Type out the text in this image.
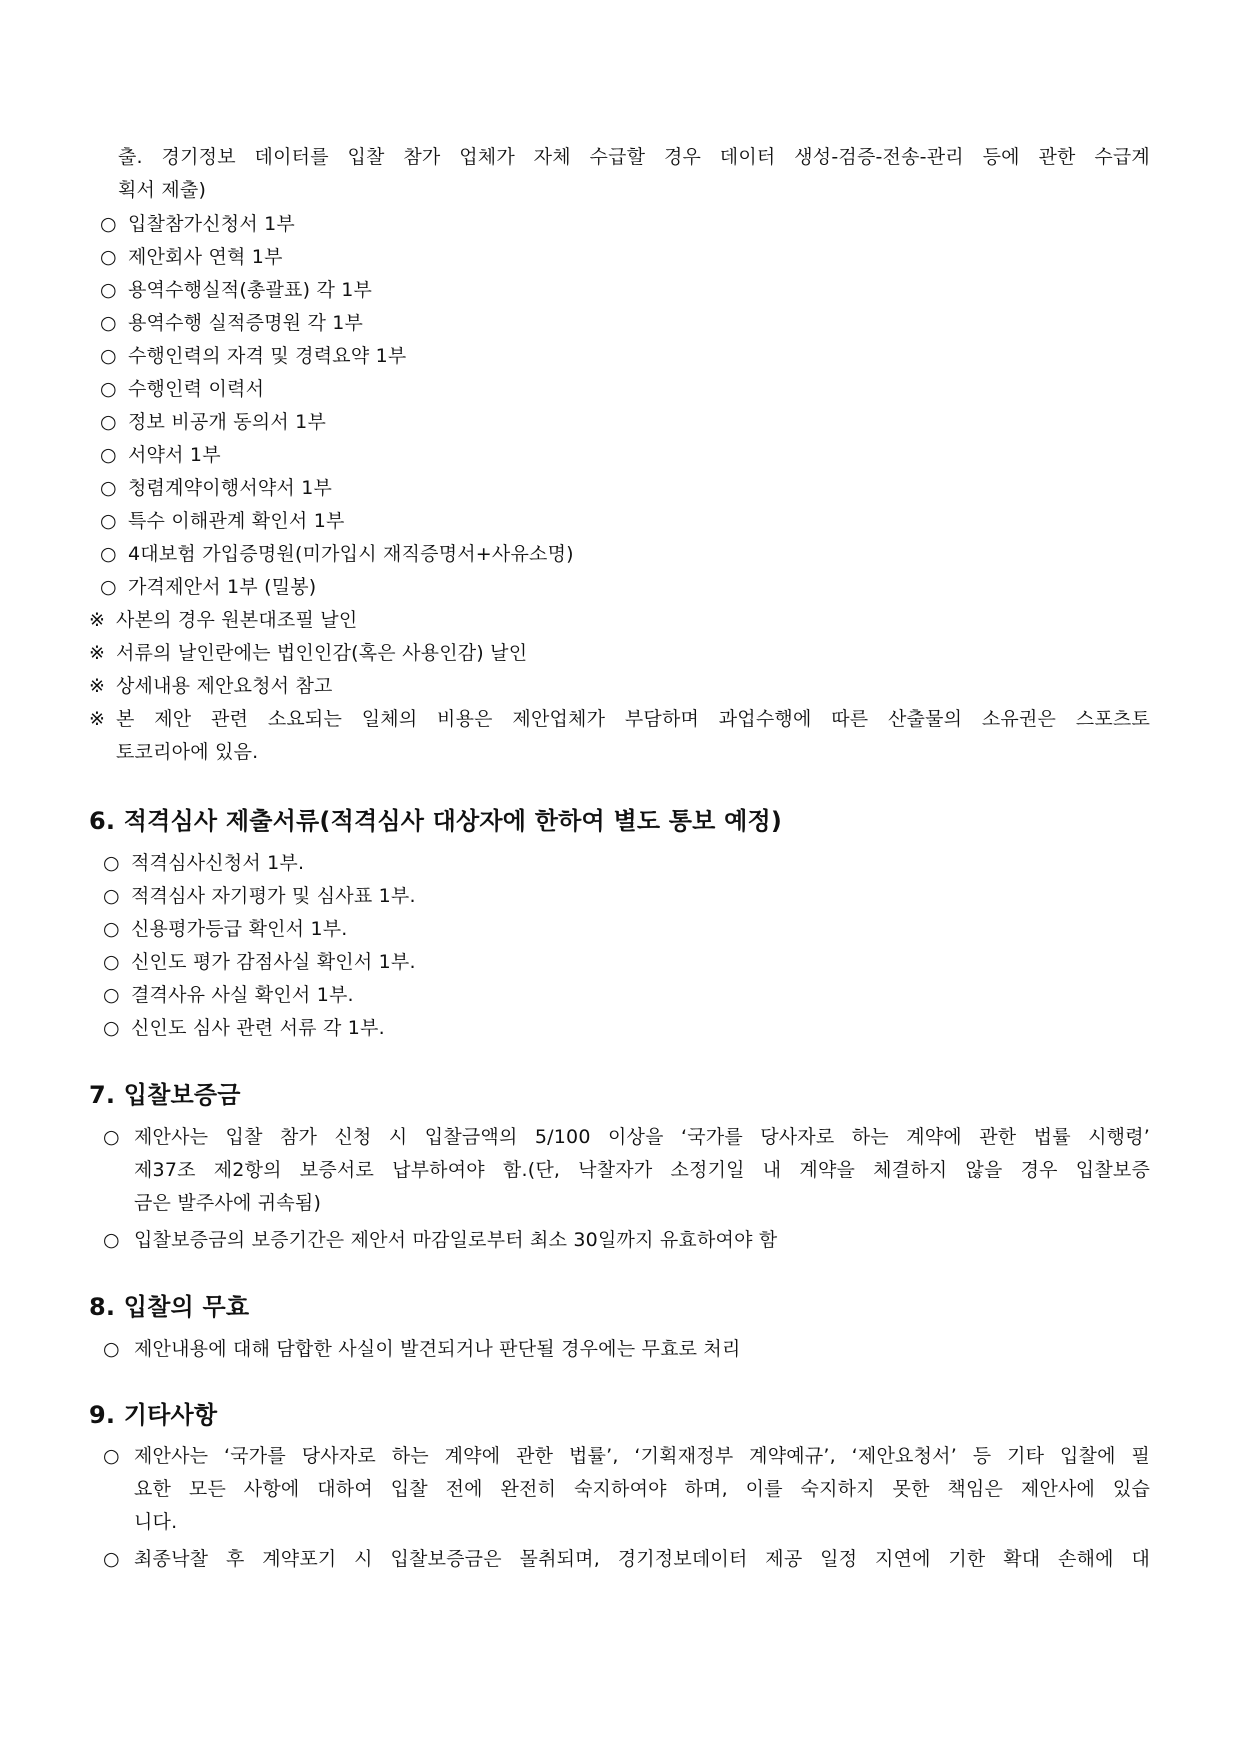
출. 경기정보 데이터를 입찰 참가 업체가 자체 수급할 경우 데이터 생성-검증-전송-관리 등에 관한 수급계
획서 제출)
○ 입찰참가신청서 1부
○ 제안회사 연혁 1부
○ 용역수행실적(총괄표) 각 1부
○ 용역수행 실적증명원 각 1부
○ 수행인력의 자격 및 경력요약 1부
○ 수행인력 이력서
○ 정보 비공개 동의서 1부
○ 서약서 1부
○ 청렴계약이행서약서 1부
○ 특수 이해관계 확인서 1부
○ 4대보험 가입증명원(미가입시 재직증명서+사유소명)
○ 가격제안서 1부 (밀봉)
※ 사본의 경우 원본대조필 날인
※ 서류의 날인란에는 법인인감(혹은 사용인감) 날인
※ 상세내용 제안요청서 참고
※ 본 제안 관련 소요되는 일체의 비용은 제안업체가 부담하며 과업수행에 따른 산출물의 소유권은 스포츠토
토코리아에 있음.
6. 적격심사 제출서류(적격심사 대상자에 한하여 별도 통보 예정)
○ 적격심사신청서 1부.
○ 적격심사 자기평가 및 심사표 1부.
○ 신용평가등급 확인서 1부.
○ 신인도 평가 감점사실 확인서 1부.
○ 결격사유 사실 확인서 1부.
○ 신인도 심사 관련 서류 각 1부.
7. 입찰보증금
○ 제안사는 입찰 참가 신청 시 입찰금액의 5/100 이상을 ‘국가를 당사자로 하는 계약에 관한 법률 시행령’
제37조 제2항의 보증서로 납부하여야 함.(단, 낙찰자가 소정기일 내 계약을 체결하지 않을 경우 입찰보증
금은 발주사에 귀속됨)
○ 입찰보증금의 보증기간은 제안서 마감일로부터 최소 30일까지 유효하여야 함
8. 입찰의 무효
○ 제안내용에 대해 담합한 사실이 발견되거나 판단될 경우에는 무효로 처리
9. 기타사항
○ 제안사는 ‘국가를 당사자로 하는 계약에 관한 법률’, ‘기획재정부 계약예규’, ‘제안요청서’ 등 기타 입찰에 필
요한 모든 사항에 대하여 입찰 전에 완전히 숙지하여야 하며, 이를 숙지하지 못한 책임은 제안사에 있습
니다.
○ 최종낙찰 후 계약포기 시 입찰보증금은 몰취되며, 경기정보데이터 제공 일정 지연에 기한 확대 손해에 대
